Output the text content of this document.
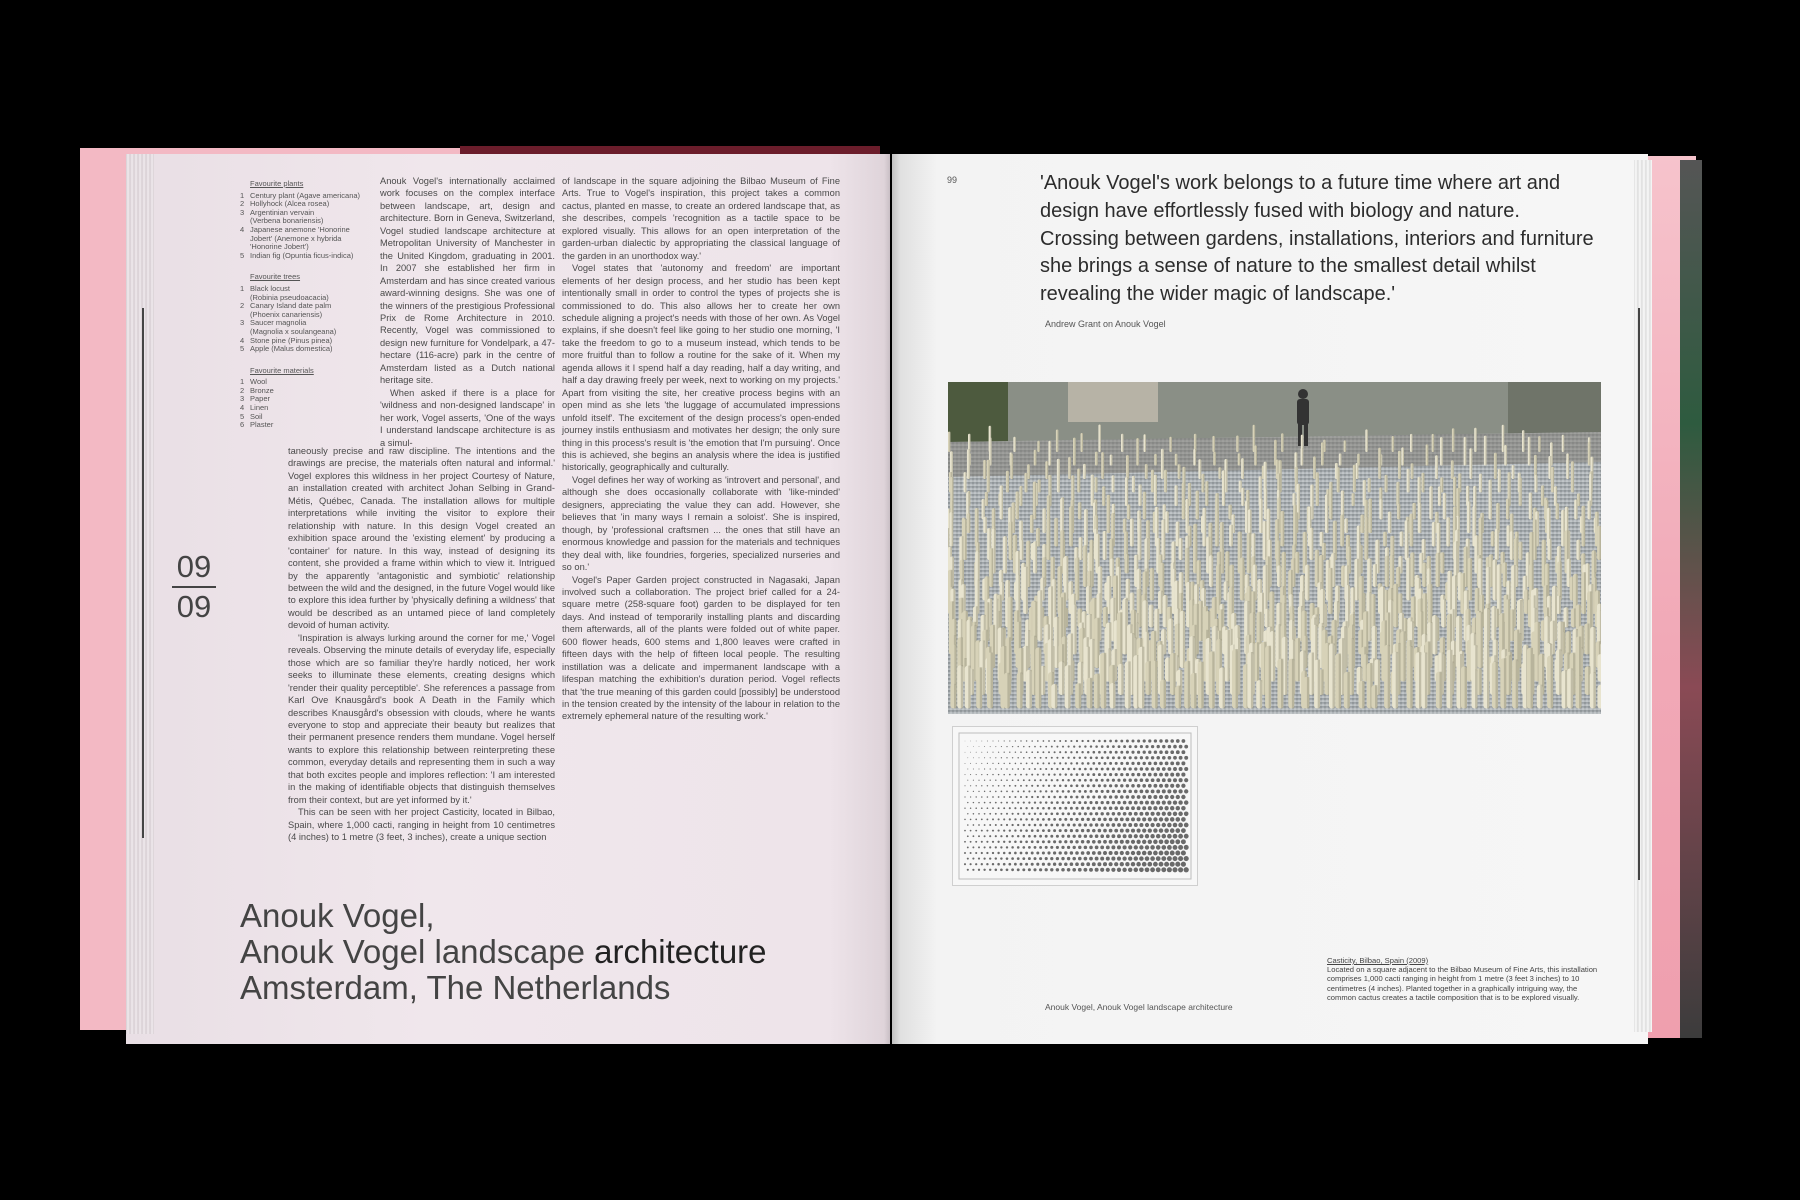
Favourite plants
1 Century plant (Agave americana)
2 Hollyhock (Alcea rosea)
3 Argentinian vervain
(Verbena bonariensis)
4 Japanese anemone 'Honorine
Jobert' (Anemone x hybrida
'Honorine Jobert')
5 Indian fig (Opuntia ficus-indica)
Favourite trees
1 Black locust
(Robinia pseudoacacia)
2 Canary Island date palm
(Phoenix canariensis)
3 Saucer magnolia
(Magnolia x soulangeana)
4 Stone pine (Pinus pinea)
5 Apple (Malus domestica)
Favourite materials
1 Wool
2 Bronze
3 Paper
4 Linen
5 Soil
6 Plaster

Anouk Vogel's internationally acclaimed work focuses on the complex interface between landscape, art, design and architecture. Born in Geneva, Switzerland, Vogel studied landscape architecture at Metropolitan University of Manchester in the United Kingdom, graduating in 2001. In 2007 she established her firm in Amsterdam and has since created various award-winning designs. She was one of the winners of the prestigious Professional Prix de Rome Architecture in 2010. Recently, Vogel was commissioned to design new furniture for Vondelpark, a 47-hectare (116-acre) park in the centre of Amsterdam listed as a Dutch national heritage site.

When asked if there is a place for 'wildness and non-designed landscape' in her work, Vogel asserts, 'One of the ways I understand landscape architecture is as a simul-

taneously precise and raw discipline. The intentions and the drawings are precise, the materials often natural and informal.' Vogel explores this wildness in her project Courtesy of Nature, an installation created with architect Johan Selbing in Grand-Métis, Québec, Canada. The installation allows for multiple interpretations while inviting the visitor to explore their relationship with nature. In this design Vogel created an exhibition space around the 'existing element' by producing a 'container' for nature. In this way, instead of designing its content, she provided a frame within which to view it. Intrigued by the apparently 'antagonistic and symbiotic' relationship between the wild and the designed, in the future Vogel would like to explore this idea further by 'physically defining a wildness' that would be described as an untamed piece of land completely devoid of human activity.

'Inspiration is always lurking around the corner for me,' Vogel reveals. Observing the minute details of everyday life, especially those which are so familiar they're hardly noticed, her work seeks to illuminate these elements, creating designs which 'render their quality perceptible'. She references a passage from Karl Ove Knausgård's book A Death in the Family which describes Knausgård's obsession with clouds, where he wants everyone to stop and appreciate their beauty but realizes that their permanent presence renders them mundane. Vogel herself wants to explore this relationship between reinterpreting these common, everyday details and representing them in such a way that both excites people and implores reflection: 'I am interested in the making of identifiable objects that distinguish themselves from their context, but are yet informed by it.'

This can be seen with her project Casticity, located in Bilbao, Spain, where 1,000 cacti, ranging in height from 10 centimetres (4 inches) to 1 metre (3 feet, 3 inches), create a unique section

of landscape in the square adjoining the Bilbao Museum of Fine Arts. True to Vogel's inspiration, this project takes a common cactus, planted en masse, to create an ordered landscape that, as she describes, compels 'recognition as a tactile space to be explored visually. This allows for an open interpretation of the garden-urban dialectic by appropriating the classical language of the garden in an unorthodox way.'

Vogel states that 'autonomy and freedom' are important elements of her design process, and her studio has been kept intentionally small in order to control the types of projects she is commissioned to do. This also allows her to create her own schedule aligning a project's needs with those of her own. As Vogel explains, if she doesn't feel like going to her studio one morning, 'I take the freedom to go to a museum instead, which tends to be more fruitful than to follow a routine for the sake of it. When my agenda allows it I spend half a day reading, half a day writing, and half a day drawing freely per week, next to working on my projects.' Apart from visiting the site, her creative process begins with an open mind as she lets 'the luggage of accumulated impressions unfold itself'. The excitement of the design process's open-ended journey instils enthusiasm and motivates her design; the only sure thing in this process's result is 'the emotion that I'm pursuing'. Once this is achieved, she begins an analysis where the idea is justified historically, geographically and culturally.

Vogel defines her way of working as 'introvert and personal', and although she does occasionally collaborate with 'like-minded' designers, appreciating the value they can add. However, she believes that 'in many ways I remain a soloist'. She is inspired, though, by 'professional craftsmen ... the ones that still have an enormous knowledge and passion for the materials and techniques they deal with, like foundries, forgeries, specialized nurseries and so on.'

Vogel's Paper Garden project constructed in Nagasaki, Japan involved such a collaboration. The project brief called for a 24-square metre (258-square foot) garden to be displayed for ten days. And instead of temporarily installing plants and discarding them afterwards, all of the plants were folded out of white paper. 600 flower heads, 600 stems and 1,800 leaves were crafted in fifteen days with the help of fifteen local people. The resulting instillation was a delicate and impermanent landscape with a lifespan matching the exhibition's duration period. Vogel reflects that 'the true meaning of this garden could [possibly] be understood in the tension created by the intensity of the labour in relation to the extremely ephemeral nature of the resulting work.'

09
09
Anouk Vogel,
Anouk Vogel landscape architecture
Amsterdam, The Netherlands
99	'Anouk Vogel's work belongs to a future time where art and design have effortlessly fused with biology and nature. Crossing between gardens, installations, interiors and furniture she brings a sense of nature to the smallest detail whilst revealing the wider magic of landscape.'
Andrew Grant on Anouk Vogel
Anouk Vogel, Anouk Vogel landscape architecture
Casticity, Bilbao, Spain (2009)
Located on a square adjacent to the Bilbao Museum of Fine Arts, this installation comprises 1,000 cacti ranging in height from 1 metre (3 feet 3 inches) to 10 centimetres (4 inches). Planted together in a graphically intriguing way, the common cactus creates a tactile composition that is to be explored visually.
